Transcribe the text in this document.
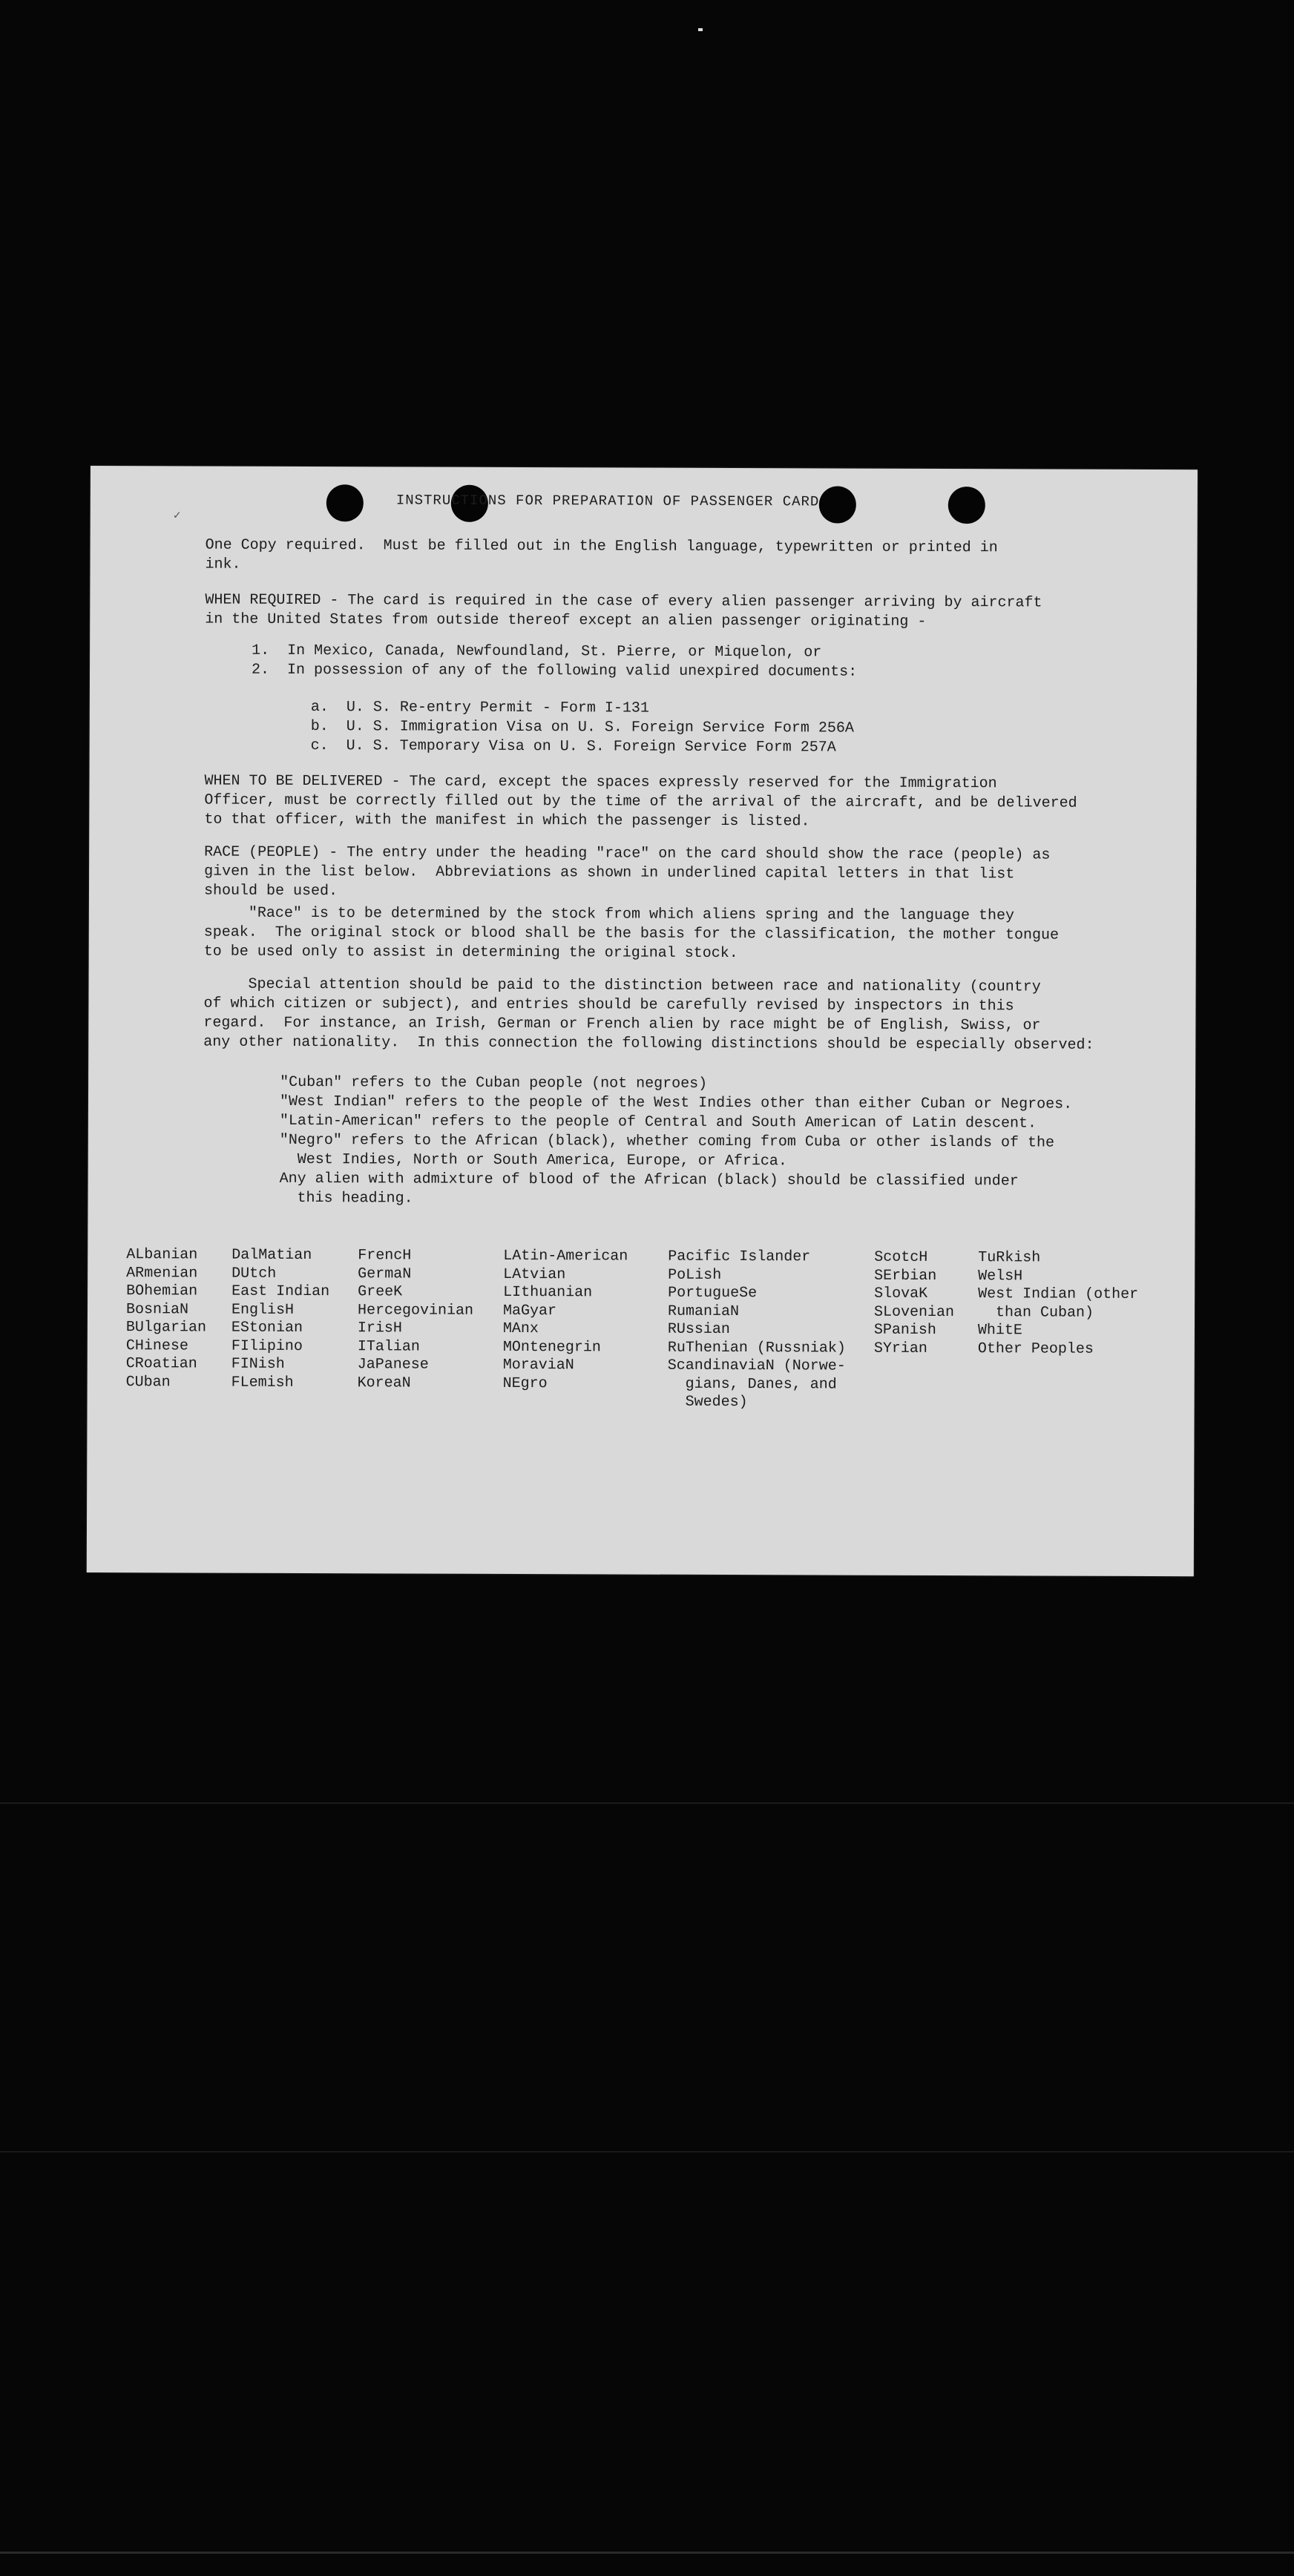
✓
INSTRUCTIONS FOR PREPARATION OF PASSENGER CARD
One Copy required.  Must be filled out in the English language, typewritten or printed in
ink.
WHEN REQUIRED - The card is required in the case of every alien passenger arriving by aircraft
in the United States from outside thereof except an alien passenger originating -
1.  In Mexico, Canada, Newfoundland, St. Pierre, or Miquelon, or
2.  In possession of any of the following valid unexpired documents:
a.  U. S. Re-entry Permit - Form I-131
b.  U. S. Immigration Visa on U. S. Foreign Service Form 256A
c.  U. S. Temporary Visa on U. S. Foreign Service Form 257A
WHEN TO BE DELIVERED - The card, except the spaces expressly reserved for the Immigration
Officer, must be correctly filled out by the time of the arrival of the aircraft, and be delivered
to that officer, with the manifest in which the passenger is listed.
RACE (PEOPLE) - The entry under the heading "race" on the card should show the race (people) as
given in the list below.  Abbreviations as shown in underlined capital letters in that list
should be used.
"Race" is to be determined by the stock from which aliens spring and the language they
speak.  The original stock or blood shall be the basis for the classification, the mother tongue
to be used only to assist in determining the original stock.
Special attention should be paid to the distinction between race and nationality (country
of which citizen or subject), and entries should be carefully revised by inspectors in this
regard.  For instance, an Irish, German or French alien by race might be of English, Swiss, or
any other nationality.  In this connection the following distinctions should be especially observed:
"Cuban" refers to the Cuban people (not negroes)
"West Indian" refers to the people of the West Indies other than either Cuban or Negroes.
"Latin-American" refers to the people of Central and South American of Latin descent.
"Negro" refers to the African (black), whether coming from Cuba or other islands of the
West Indies, North or South America, Europe, or Africa.
Any alien with admixture of blood of the African (black) should be classified under
this heading.
ALbanian
ARmenian
BOhemian
BosniaN
BUlgarian
CHinese
CRoatian
CUban
DalMatian
DUtch
East Indian
EnglisH
EStonian
FIlipino
FINish
FLemish
FrencH
GermaN
GreeK
Hercegovinian
IrisH
ITalian
JaPanese
KoreaN
LAtin-American
LAtvian
LIthuanian
MaGyar
MAnx
MOntenegrin
MoraviaN
NEgro
Pacific Islander
PoLish
PortugueSe
RumaniaN
RUssian
RuThenian (Russniak)
ScandinaviaN (Norwe-
gians, Danes, and
Swedes)
ScotcH
SErbian
SlovaK
SLovenian
SPanish
SYrian
TuRkish
WelsH
West Indian (other
than Cuban)
WhitE
Other Peoples
